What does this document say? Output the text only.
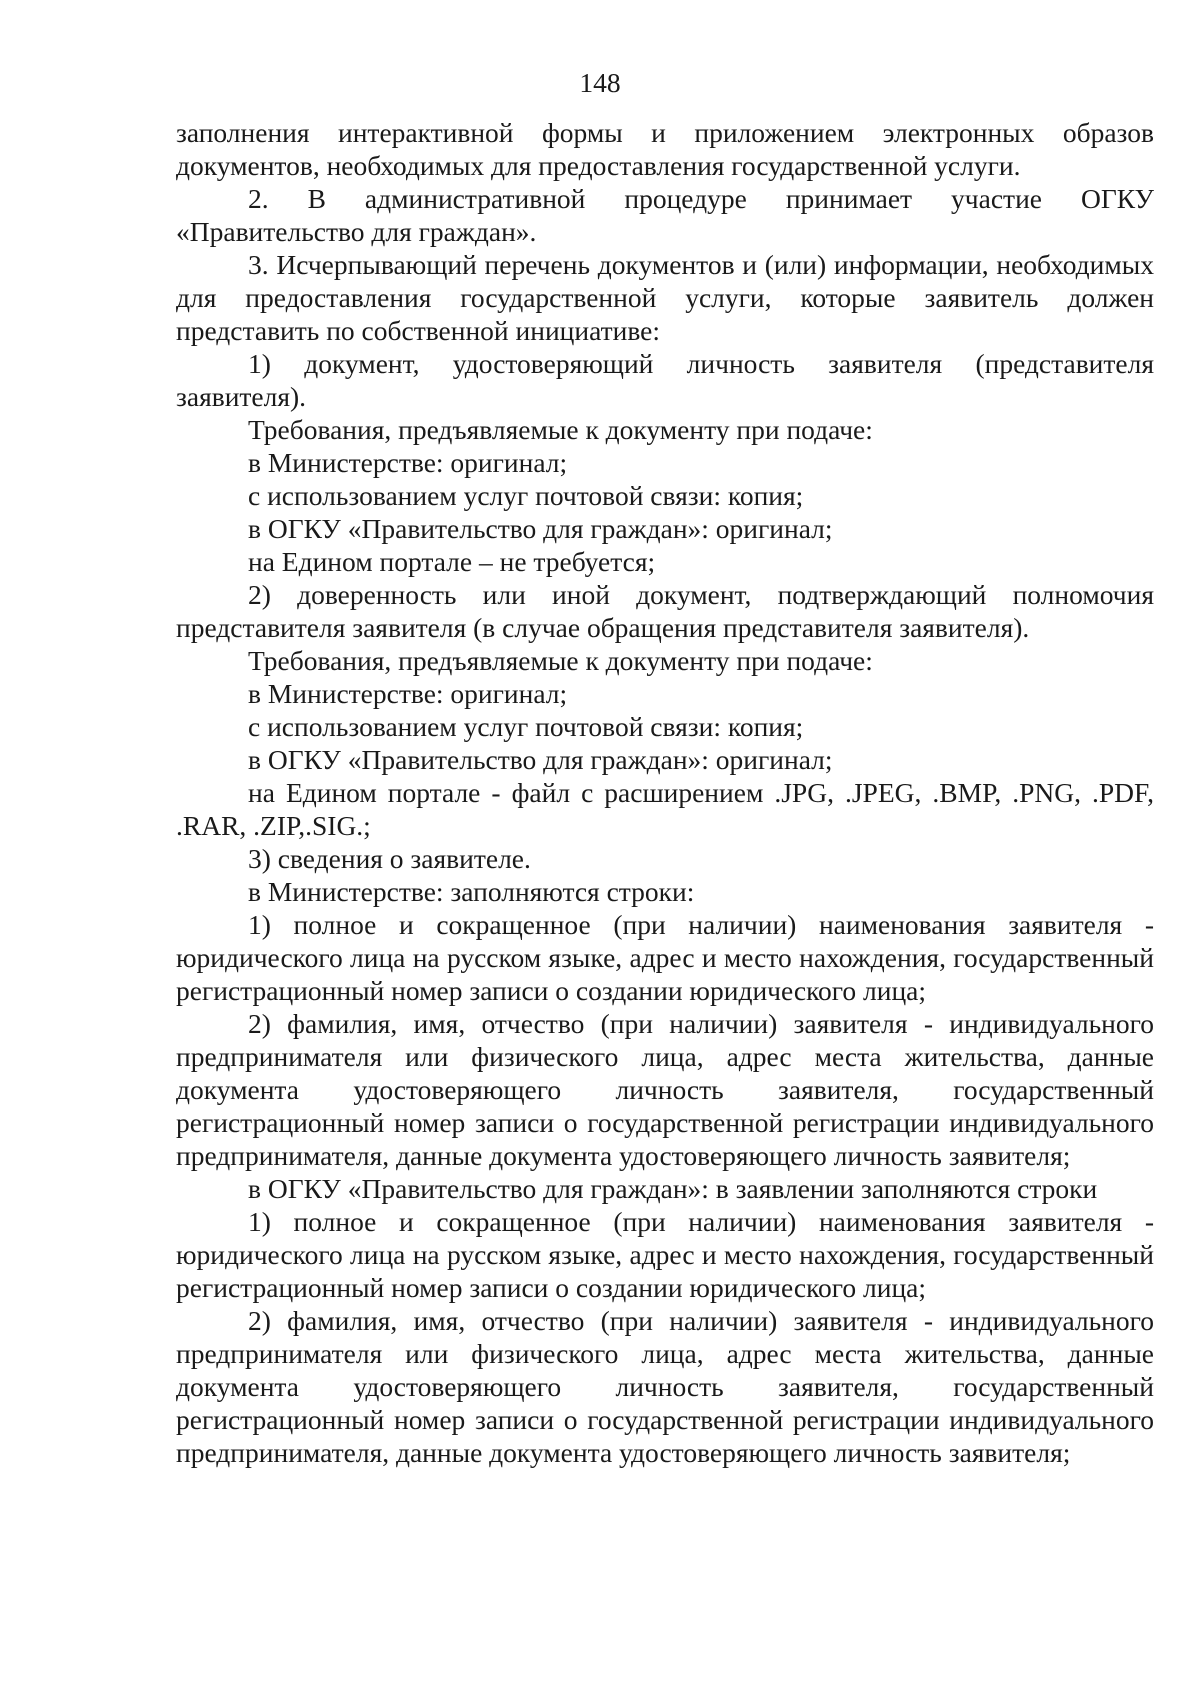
148

заполнения интерактивной формы и приложением электронных образов документов, необходимых для предоставления государственной услуги.

2. В административной процедуре принимает участие ОГКУ «Правительство для граждан».

3. Исчерпывающий перечень документов и (или) информации, необходимых для предоставления государственной услуги, которые заявитель должен представить по собственной инициативе:

1) документ, удостоверяющий личность заявителя (представителя заявителя).

Требования, предъявляемые к документу при подаче:

в Министерстве: оригинал;

с использованием услуг почтовой связи: копия;

в ОГКУ «Правительство для граждан»: оригинал;

на Едином портале – не требуется;

2) доверенность или иной документ, подтверждающий полномочия представителя заявителя (в случае обращения представителя заявителя).

Требования, предъявляемые к документу при подаче:

в Министерстве: оригинал;

с использованием услуг почтовой связи: копия;

в ОГКУ «Правительство для граждан»: оригинал;

на Едином портале - файл с расширением .JPG, .JPEG, .BMP, .PNG, .PDF, .RAR, .ZIP,.SIG.;

3) сведения о заявителе.

в Министерстве: заполняются строки:

1) полное и сокращенное (при наличии) наименования заявителя - юридического лица на русском языке, адрес и место нахождения, государственный регистрационный номер записи о создании юридического лица;

2) фамилия, имя, отчество (при наличии) заявителя - индивидуального предпринимателя или физического лица, адрес места жительства, данные документа удостоверяющего личность заявителя, государственный регистрационный номер записи о государственной регистрации индивидуального предпринимателя, данные документа удостоверяющего личность заявителя;

в ОГКУ «Правительство для граждан»: в заявлении заполняются строки

1) полное и сокращенное (при наличии) наименования заявителя - юридического лица на русском языке, адрес и место нахождения, государственный регистрационный номер записи о создании юридического лица;

2) фамилия, имя, отчество (при наличии) заявителя - индивидуального предпринимателя или физического лица, адрес места жительства, данные документа удостоверяющего личность заявителя, государственный регистрационный номер записи о государственной регистрации индивидуального предпринимателя, данные документа удостоверяющего личность заявителя;
